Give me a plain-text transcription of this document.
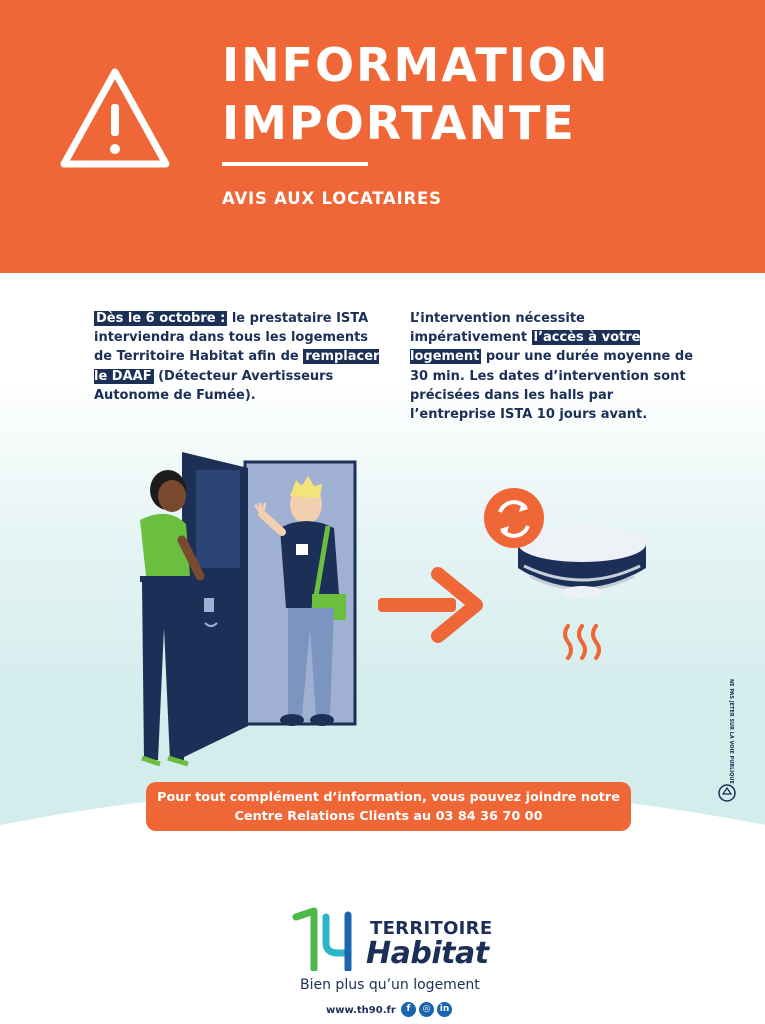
INFORMATION
IMPORTANTE
AVIS AUX LOCATAIRES
Dès le 6 octobre : le prestataire ISTA interviendra dans tous les logements de Territoire Habitat afin de remplacer le DAAF (Détecteur Avertisseurs Autonome de Fumée).
L’intervention nécessite impérativement l’accès à votre logement pour une durée moyenne de 30 min. Les dates d’intervention sont précisées dans les halls par l’entreprise ISTA 10 jours avant.
Pour tout complément d’information, vous pouvez joindre notre
Centre Relations Clients au 03 84 36 70 00
NE PAS JETER SUR LA VOIE PUBLIQUE
TERRITOIRE
Habitat
Bien plus qu’un logement
www.th90.fr	f	◎	in
